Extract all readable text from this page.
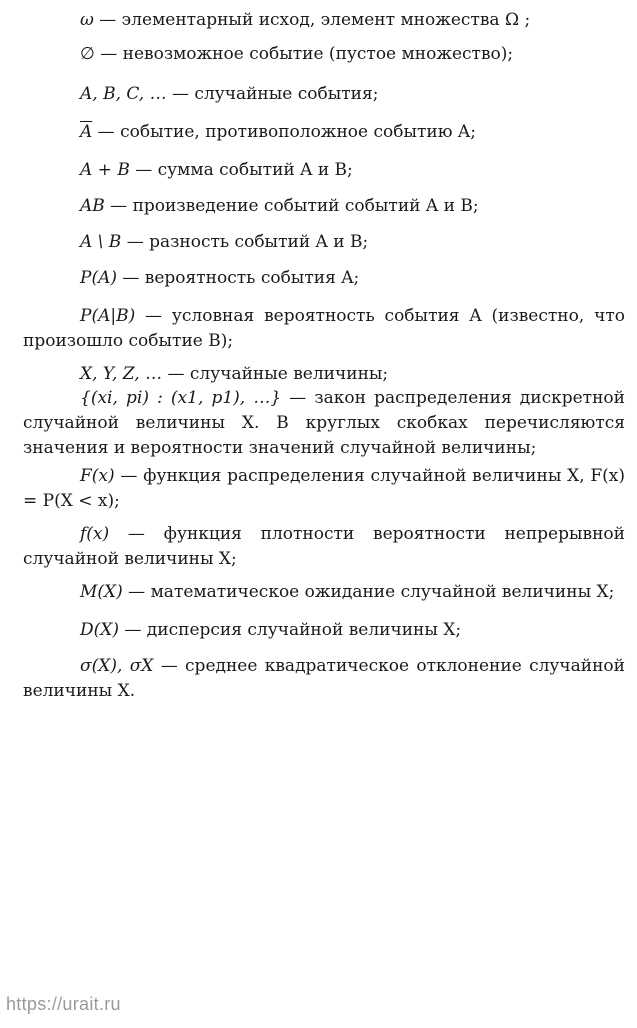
ω — элементарный исход, элемент множества Ω ;
∅ — невозможное событие (пустое множество);
A, B, C, … — случайные события;
$\overline{A}$ — событие, противоположное событию A;
A + B — сумма событий A и B;
AB — произведение событий событий A и B;
A \ B — разность событий A и B;
P(A) — вероятность события A;
P(A|B) — условная вероятность события A (известно, что произошло событие B);
X, Y, Z, … — случайные величины;
{(xi, pi) : (x1, p1), …} — закон распределения дискретной случайной величины X. В круглых скобках перечисляются значения и вероятности значений случайной величины;
F(x) — функция распределения случайной величины X, F(x) = P(X < x);
f(x) — функция плотности вероятности непрерывной случайной величины X;
M(X) — математическое ожидание случайной величины X;
D(X) — дисперсия случайной величины X;
σ(X), σX — среднее квадратическое отклонение случайной величины X.
https://urait.ru
